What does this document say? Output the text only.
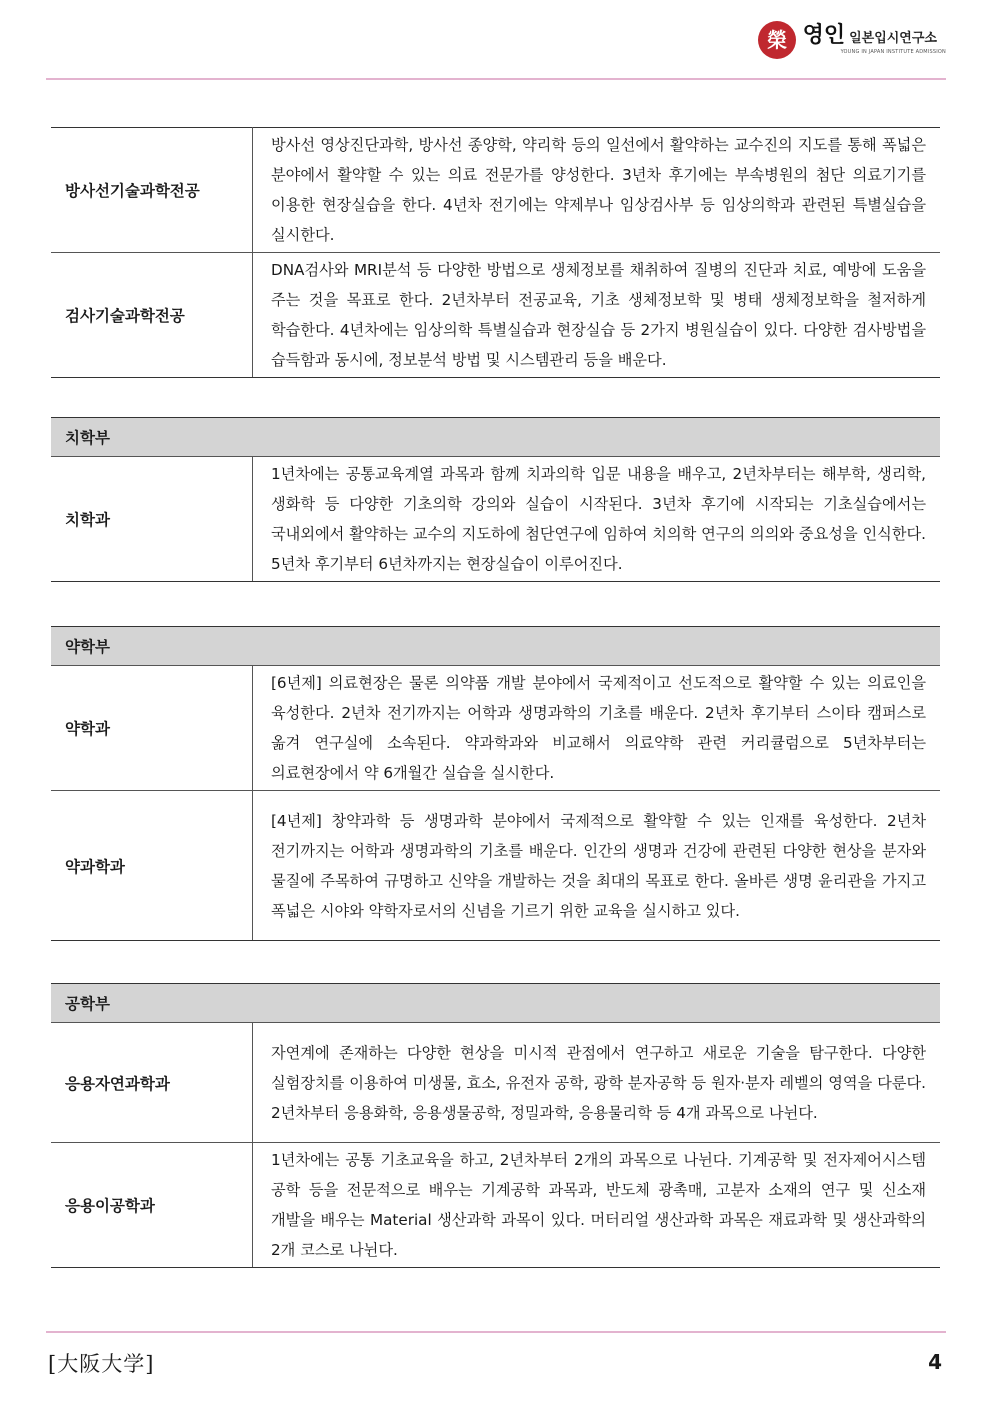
榮 영인 일본입시연구소
YOUNG IN JAPAN INSTITUTE ADMISSION
방사선기술과학전공	방사선 영상진단과학, 방사선 종양학, 약리학 등의 일선에서 활약하는 교수진의 지도를 통해 폭넓은 분야에서 활약할 수 있는 의료 전문가를 양성한다. 3년차 후기에는 부속병원의 첨단 의료기기를 이용한 현장실습을 한다. 4년차 전기에는 약제부나 임상검사부 등 임상의학과 관련된 특별실습을 실시한다.
검사기술과학전공	DNA검사와 MRI분석 등 다양한 방법으로 생체정보를 채취하여 질병의 진단과 치료, 예방에 도움을 주는 것을 목표로 한다. 2년차부터 전공교육, 기초 생체정보학 및 병태 생체정보학을 철저하게 학습한다. 4년차에는 임상의학 특별실습과 현장실습 등 2가지 병원실습이 있다. 다양한 검사방법을 습득함과 동시에, 정보분석 방법 및 시스템관리 등을 배운다.
치학부
치학과	1년차에는 공통교육계열 과목과 함께 치과의학 입문 내용을 배우고, 2년차부터는 해부학, 생리학, 생화학 등 다양한 기초의학 강의와 실습이 시작된다. 3년차 후기에 시작되는 기초실습에서는 국내외에서 활약하는 교수의 지도하에 첨단연구에 임하여 치의학 연구의 의의와 중요성을 인식한다. 5년차 후기부터 6년차까지는 현장실습이 이루어진다.
약학부	
약학과	[6년제] 의료현장은 물론 의약품 개발 분야에서 국제적이고 선도적으로 활약할 수 있는 의료인을 육성한다. 2년차 전기까지는 어학과 생명과학의 기초를 배운다. 2년차 후기부터 스이타 캠퍼스로 옮겨 연구실에 소속된다. 약과학과와 비교해서 의료약학 관련 커리큘럼으로 5년차부터는 의료현장에서 약 6개월간 실습을 실시한다.
약과학과	[4년제] 창약과학 등 생명과학 분야에서 국제적으로 활약할 수 있는 인재를 육성한다. 2년차 전기까지는 어학과 생명과학의 기초를 배운다. 인간의 생명과 건강에 관련된 다양한 현상을 분자와 물질에 주목하여 규명하고 신약을 개발하는 것을 최대의 목표로 한다. 올바른 생명 윤리관을 가지고 폭넓은 시야와 약학자로서의 신념을 기르기 위한 교육을 실시하고 있다.
공학부	
응용자연과학과	자연계에 존재하는 다양한 현상을 미시적 관점에서 연구하고 새로운 기술을 탐구한다. 다양한 실험장치를 이용하여 미생물, 효소, 유전자 공학, 광학 분자공학 등 원자·분자 레벨의 영역을 다룬다. 2년차부터 응용화학, 응용생물공학, 정밀과학, 응용물리학 등 4개 과목으로 나뉜다.
응용이공학과	1년차에는 공통 기초교육을 하고, 2년차부터 2개의 과목으로 나뉜다. 기계공학 및 전자제어시스템 공학 등을 전문적으로 배우는 기계공학 과목과, 반도체 광촉매, 고분자 소재의 연구 및 신소재 개발을 배우는 Material 생산과학 과목이 있다. 머터리얼 생산과학 과목은 재료과학 및 생산과학의 2개 코스로 나뉜다.
[大阪大学]	4
